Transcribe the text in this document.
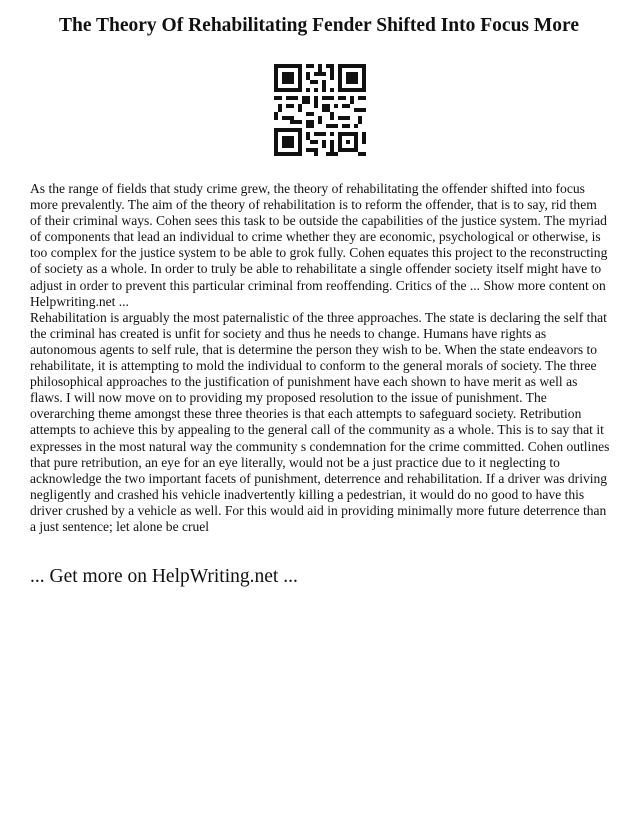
The Theory Of Rehabilitating Fender Shifted Into Focus More

As the range of fields that study crime grew, the theory of rehabilitating the offender shifted into focus more prevalently. The aim of the theory of rehabilitation is to reform the offender, that is to say, rid them of their criminal ways. Cohen sees this task to be outside the capabilities of the justice system. The myriad of components that lead an individual to crime whether they are economic, psychological or otherwise, is too complex for the justice system to be able to grok fully. Cohen equates this project to the reconstructing of society as a whole. In order to truly be able to rehabilitate a single offender society itself might have to adjust in order to prevent this particular criminal from reoffending. Critics of the ... Show more content on Helpwriting.net ...

Rehabilitation is arguably the most paternalistic of the three approaches. The state is declaring the self that the criminal has created is unfit for society and thus he needs to change. Humans have rights as autonomous agents to self rule, that is determine the person they wish to be. When the state endeavors to rehabilitate, it is attempting to mold the individual to conform to the general morals of society. The three philosophical approaches to the justification of punishment have each shown to have merit as well as flaws. I will now move on to providing my proposed resolution to the issue of punishment. The overarching theme amongst these three theories is that each attempts to safeguard society. Retribution attempts to achieve this by appealing to the general call of the community as a whole. This is to say that it expresses in the most natural way the community s condemnation for the crime committed. Cohen outlines that pure retribution, an eye for an eye literally, would not be a just practice due to it neglecting to acknowledge the two important facets of punishment, deterrence and rehabilitation. If a driver was driving negligently and crashed his vehicle inadvertently killing a pedestrian, it would do no good to have this driver crushed by a vehicle as well. For this would aid in providing minimally more future deterrence than a just sentence; let alone be cruel

... Get more on HelpWriting.net ...
